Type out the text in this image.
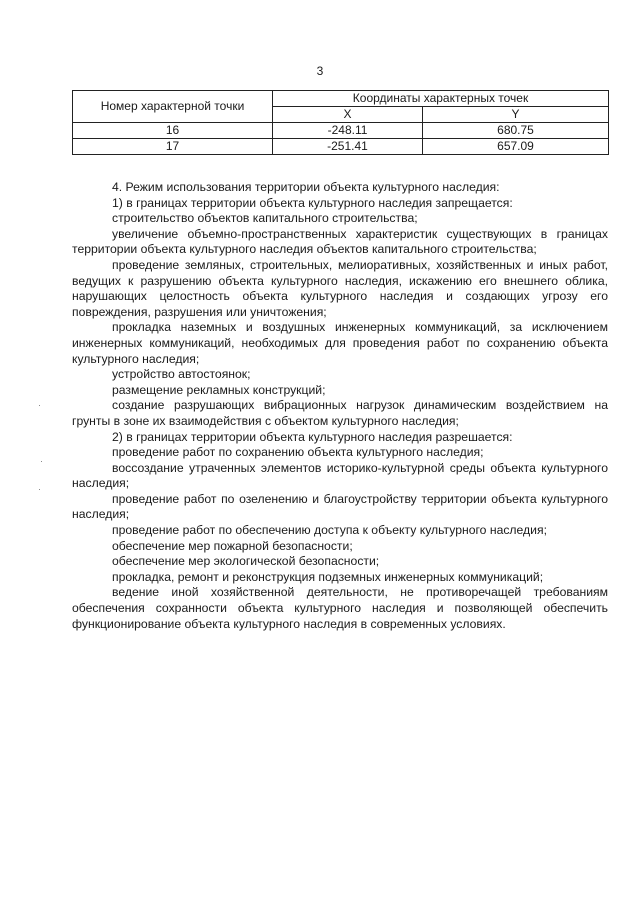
3
Номер характерной точки	Координаты характерных точек	
	X	Y
16	-248.11	680.75
17	-251.41	657.09

4. Режим использования территории объекта культурного наследия:

1) в границах территории объекта культурного наследия запрещается:

строительство объектов капитального строительства;

увеличение объемно-пространственных характеристик существующих в границах территории объекта культурного наследия объектов капитального строительства;

проведение земляных, строительных, мелиоративных, хозяйственных и иных работ, ведущих к разрушению объекта культурного наследия, искажению его внешнего облика, нарушающих целостность объекта культурного наследия и создающих угрозу его повреждения, разрушения или уничтожения;

прокладка наземных и воздушных инженерных коммуникаций, за исключением инженерных коммуникаций, необходимых для проведения работ по сохранению объекта культурного наследия;

устройство автостоянок;

размещение рекламных конструкций;

создание разрушающих вибрационных нагрузок динамическим воздействием на грунты в зоне их взаимодействия с объектом культурного наследия;

2) в границах территории объекта культурного наследия разрешается:

проведение работ по сохранению объекта культурного наследия;

воссоздание утраченных элементов историко-культурной среды объекта культурного наследия;

проведение работ по озеленению и благоустройству территории объекта культурного наследия;

проведение работ по обеспечению доступа к объекту культурного наследия;

обеспечение мер пожарной безопасности;

обеспечение мер экологической безопасности;

прокладка, ремонт и реконструкция подземных инженерных коммуникаций;

ведение иной хозяйственной деятельности, не противоречащей требованиям обеспечения сохранности объекта культурного наследия и позволяющей обеспечить функционирование объекта культурного наследия в современных условиях.

·
·
·
